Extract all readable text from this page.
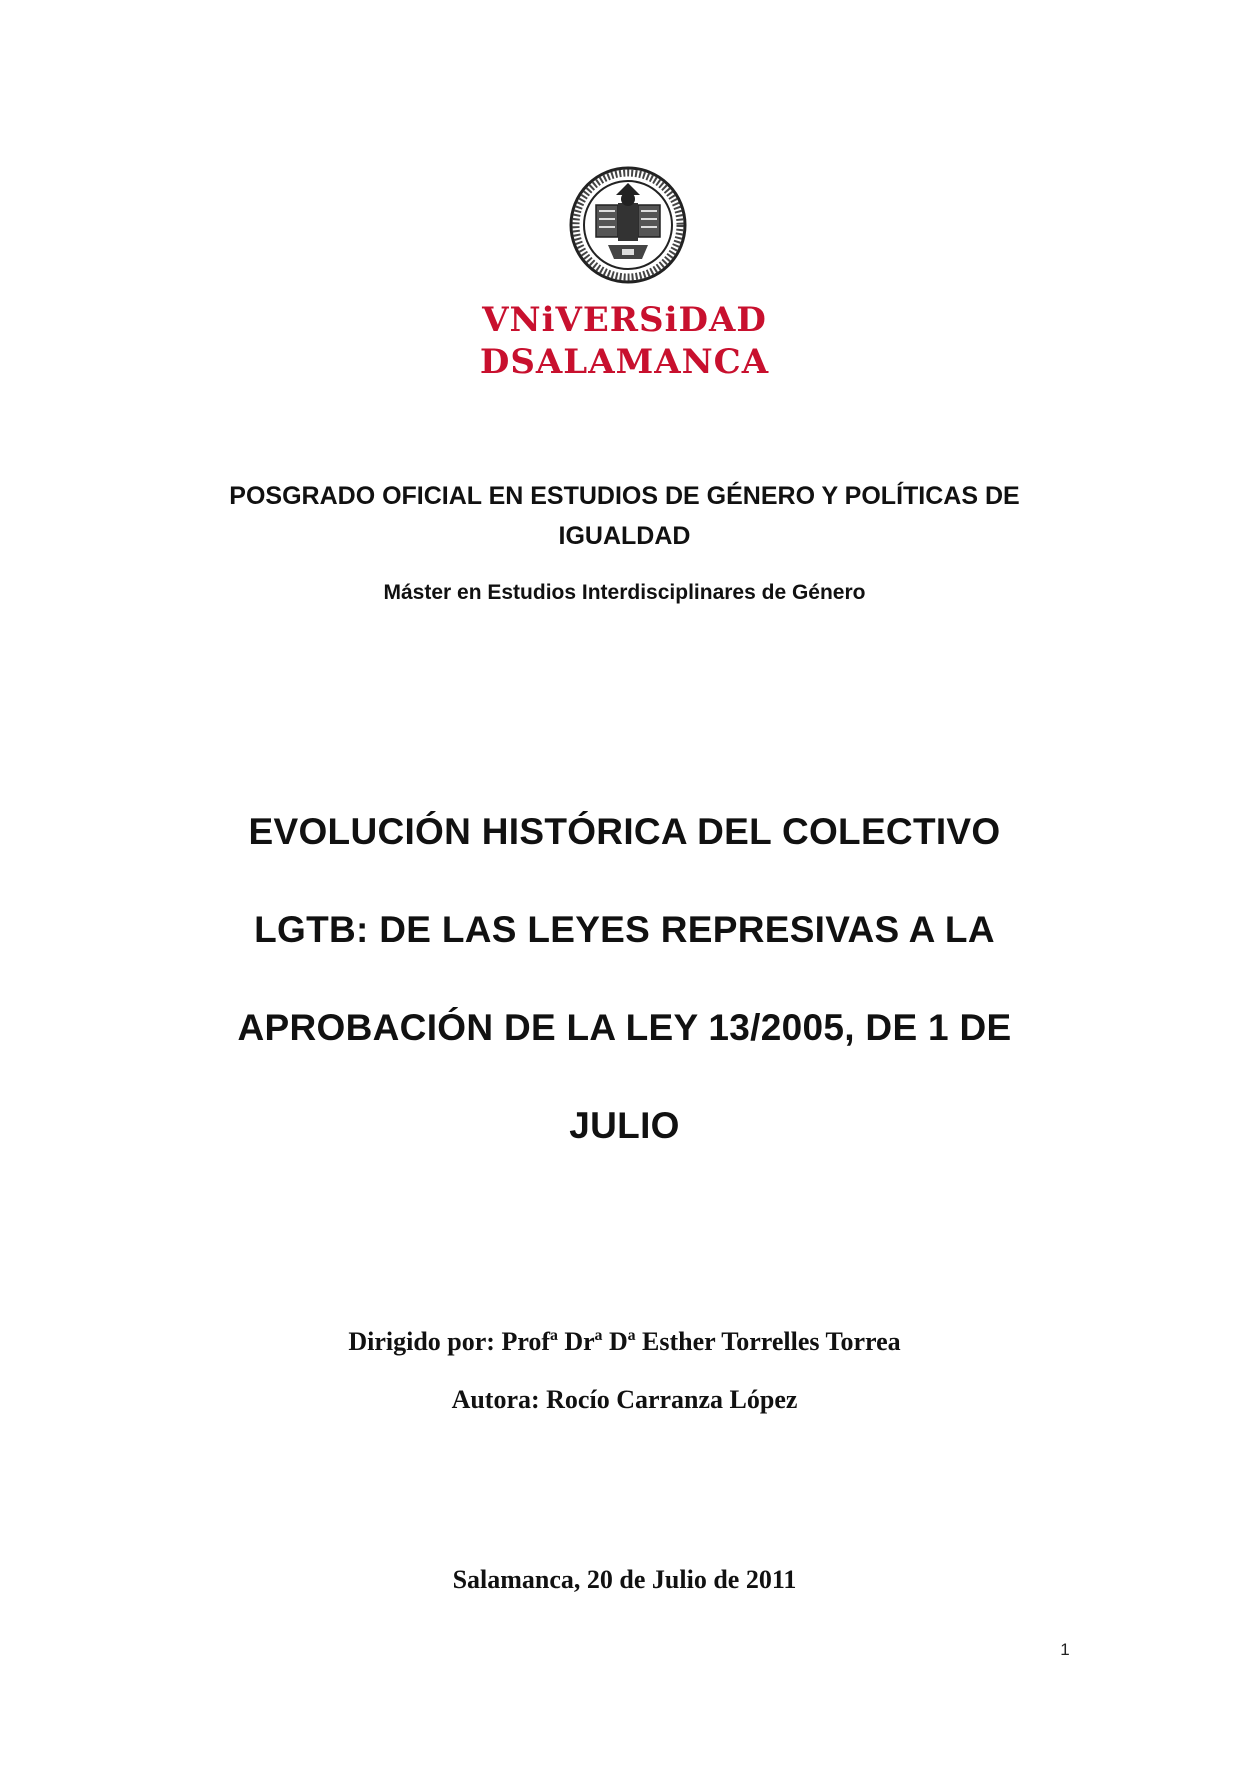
VNiVERSiDAD
DSALAMANCA
POSGRADO OFICIAL EN ESTUDIOS DE GÉNERO Y POLÍTICAS DE
IGUALDAD
Máster en Estudios Interdisciplinares de Género
EVOLUCIÓN HISTÓRICA DEL COLECTIVO
LGTB: DE LAS LEYES REPRESIVAS A LA
APROBACIÓN DE LA LEY 13/2005, DE 1 DE
JULIO
Dirigido por: Profª Drª Dª Esther Torrelles Torrea
Autora: Rocío Carranza López
Salamanca, 20 de Julio de 2011
1
